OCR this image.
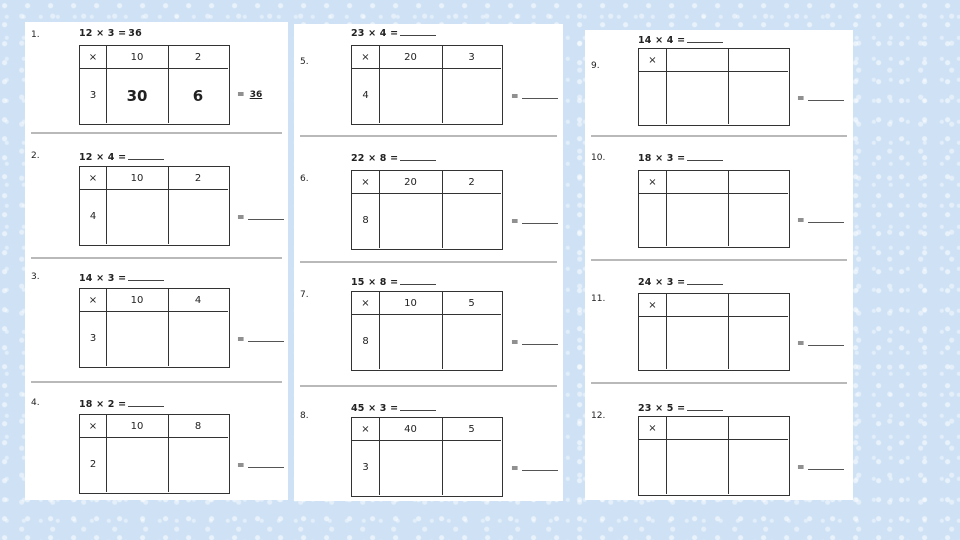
1.	12 × 3 = 36
×	10	2
3	30	6	= 36
2.	12 × 4 =
×	10	2
4	=
3.	14 × 3 =
×	10	4
3	=
4.	18 × 2 =
×	10	8
2	=
5.
23 × 4 =
×	20	3
4	=
6.
22 × 8 =
×	20	2
8	=
7.
15 × 8 =
×	10	5
8	=
8.
45 × 3 =
×	40	5
3	=
9.
14 × 4 =
×
=
10.	18 × 3 =
×
=
11.
24 × 3 =
×
=
12.
23 × 5 =
×
=
